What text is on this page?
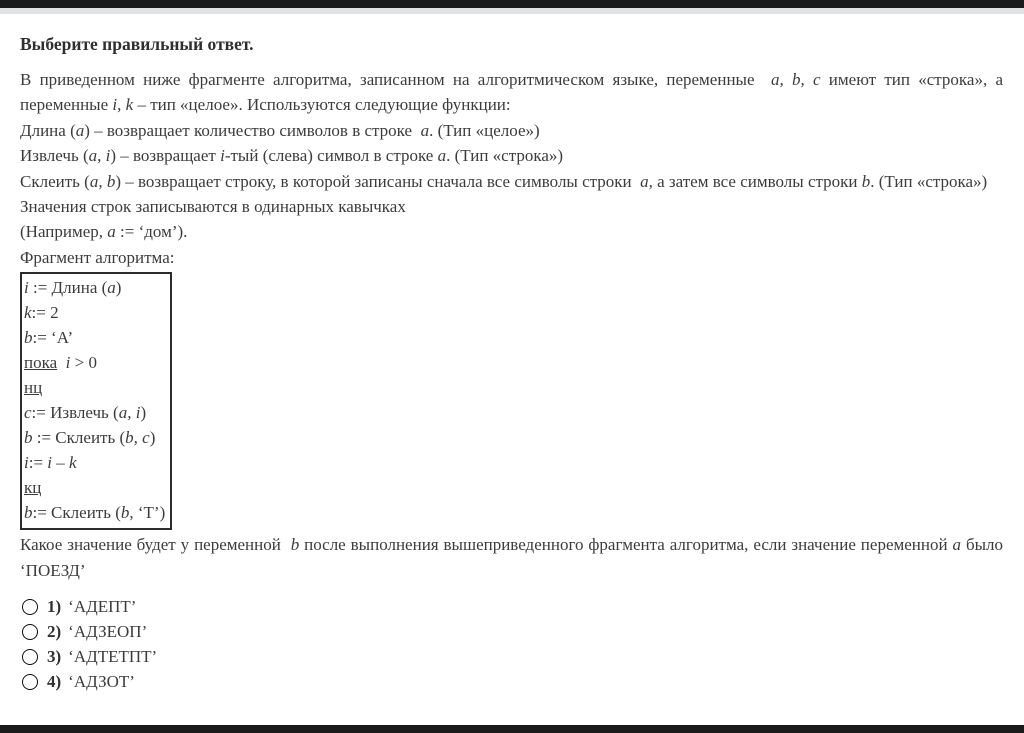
Выберите правильный ответ.

В приведенном ниже фрагменте алгоритма, записанном на алгоритмическом языке, переменные  a, b, c имеют тип «строка», а переменные i, k – тип «целое». Используются следующие функции:

Длина (a) – возвращает количество символов в строке  a. (Тип «целое»)

Извлечь (a, i) – возвращает i-тый (слева) символ в строке a. (Тип «строка»)

Склеить (a, b) – возвращает строку, в которой записаны сначала все символы строки  a, а затем все символы строки b. (Тип «строка»)

Значения строк записываются в одинарных кавычках

(Например, a := ‘дом’).

Фрагмент алгоритма:

i := Длина (a)
k:= 2
b:= ‘А’
пока i > 0
нц
c:= Извлечь (a, i)
b := Склеить (b, c)
i:= i – k
кц
b:= Склеить (b, ‘Т’)

Какое значение будет у переменной  b после выполнения вышеприведенного фрагмента алгоритма, если значение переменной a было ‘ПОЕЗД’

1) ‘АДЕПТ’
2) ‘АДЗЕОП’
3) ‘АДТЕТПТ’
4) ‘АДЗОТ’
